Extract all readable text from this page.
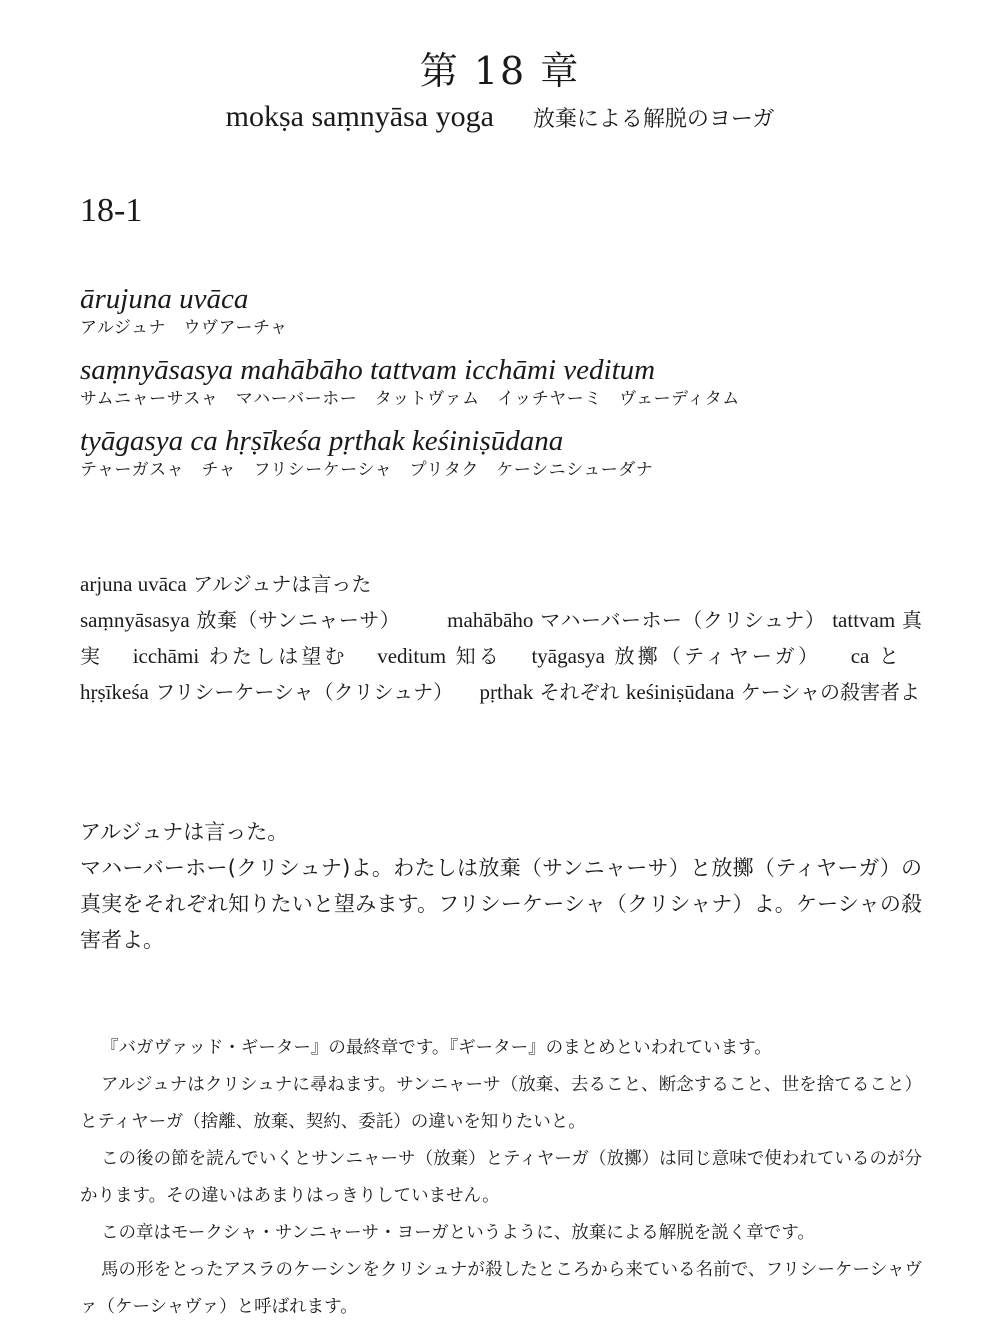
第 18 章
mokṣa saṃnyāsa yoga 放棄による解脱のヨーガ
18-1
ārujuna uvāca
アルジュナ　ウヴアーチャ
saṃnyāsasya mahābāho tattvam icchāmi veditum
サムニャーサスャ　マハーバーホー　タットヴァム　イッチヤーミ　ヴェーディタム
tyāgasya ca hṛṣīkeśa pṛthak keśiniṣūdana
テャーガスャ　チャ　フリシーケーシャ　プリタク　ケーシニシューダナ
arjuna uvāca アルジュナは言った
saṃnyāsasya 放棄（サンニャーサ）   mahābāho マハーバーホー（クリシュナ） tattvam 真実  icchāmi わたしは望む  veditum 知る  tyāgasya 放擲（ティヤーガ）  ca と  hṛṣīkeśa フリシーケーシャ（クリシュナ）  pṛthak それぞれ keśiniṣūdana ケーシャの殺害者よ
アルジュナは言った。
マハーバーホー(クリシュナ)よ。わたしは放棄（サンニャーサ）と放擲（ティヤーガ）の真実をそれぞれ知りたいと望みます。フリシーケーシャ（クリシャナ）よ。ケーシャの殺害者よ。

『バガヴァッド・ギーター』の最終章です。『ギーター』のまとめといわれています。

アルジュナはクリシュナに尋ねます。サンニャーサ（放棄、去ること、断念すること、世を捨てること）とティヤーガ（捨離、放棄、契約、委託）の違いを知りたいと。

この後の節を読んでいくとサンニャーサ（放棄）とティヤーガ（放擲）は同じ意味で使われているのが分かります。その違いはあまりはっきりしていません。

この章はモークシャ・サンニャーサ・ヨーガというように、放棄による解脱を説く章です。

馬の形をとったアスラのケーシンをクリシュナが殺したところから来ている名前で、フリシーケーシャヴァ（ケーシャヴァ）と呼ばれます。
